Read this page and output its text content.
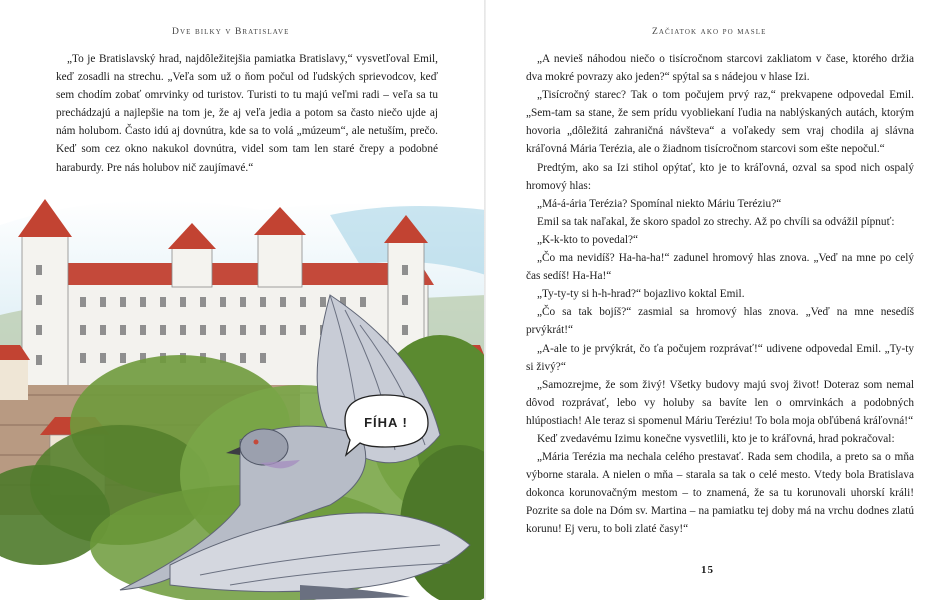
Dve bilky v Bratislave

„To je Bratislavský hrad, najdôležitejšia pamiatka Bratislavy,“ vysvetľoval Emil, keď zosadli na strechu. „Veľa som už o ňom počul od ľudských sprievodcov, keď sem chodím zobať omrvinky od turistov. Turisti to tu majú veľmi radi – veľa sa tu prechádzajú a najlepšie na tom je, že aj veľa jedia a potom sa často niečo ujde aj nám holubom. Často idú aj dovnútra, kde sa to volá „múzeum“, ale netuším, prečo. Keď som cez okno nakukol dovnútra, videl som tam len staré črepy a podobné haraburdy. Pre nás holubov nič zaujímavé.“

FÍHA !
Začiatok ako po masle

„A nevieš náhodou niečo o tisícročnom starcovi zakliatom v čase, ktorého držia dva mokré povrazy ako jeden?“ spýtal sa s nádejou v hlase Izi.

„Tisícročný starec? Tak o tom počujem prvý raz,“ prekvapene odpovedal Emil. „Sem-tam sa stane, že sem prídu vyobliekaní ľudia na nablýskaných autách, ktorým hovoria „dôležitá zahraničná návšteva“ a voľakedy sem vraj chodila aj slávna kráľovná Mária Terézia, ale o žiadnom tisícročnom starcovi som ešte nepočul.“

Predtým, ako sa Izi stihol opýtať, kto je to kráľovná, ozval sa spod nich ospalý hromový hlas:

„Má-á-ária Terézia? Spomínal niekto Máriu Teréziu?“

Emil sa tak naľakal, že skoro spadol zo strechy. Až po chvíli sa odvážil pípnuť:

„K-k-kto to povedal?“

„Čo ma nevidíš? Ha-ha-ha!“ zadunel hromový hlas znova. „Veď na mne po celý čas sedíš! Ha-Ha!“

„Ty-ty-ty si h-h-hrad?“ bojazlivo koktal Emil.

„Čo sa tak bojíš?“ zasmial sa hromový hlas znova. „Veď na mne nesedíš prvýkrát!“

„A-ale to je prvýkrát, čo ťa počujem rozprávať!“ udivene odpovedal Emil. „Ty-ty si živý?“

„Samozrejme, že som živý! Všetky budovy majú svoj život! Doteraz som nemal dôvod rozprávať, lebo vy holuby sa bavíte len o omrvinkách a podobných hlúpostiach! Ale teraz si spomenul Máriu Teréziu! To bola moja obľúbená kráľovná!“

Keď zvedavému Izimu konečne vysvetlili, kto je to kráľovná, hrad pokračoval:

„Mária Terézia ma nechala celého prestavať. Rada sem chodila, a preto sa o mňa výborne starala. A nielen o mňa – starala sa tak o celé mesto. Vtedy bola Bratislava dokonca korunovačným mestom – to znamená, že sa tu korunovali uhorskí králi! Pozrite sa dole na Dóm sv. Martina – na pamiatku tej doby má na vrchu dodnes zlatú korunu! Ej veru, to boli zlaté časy!“

15
